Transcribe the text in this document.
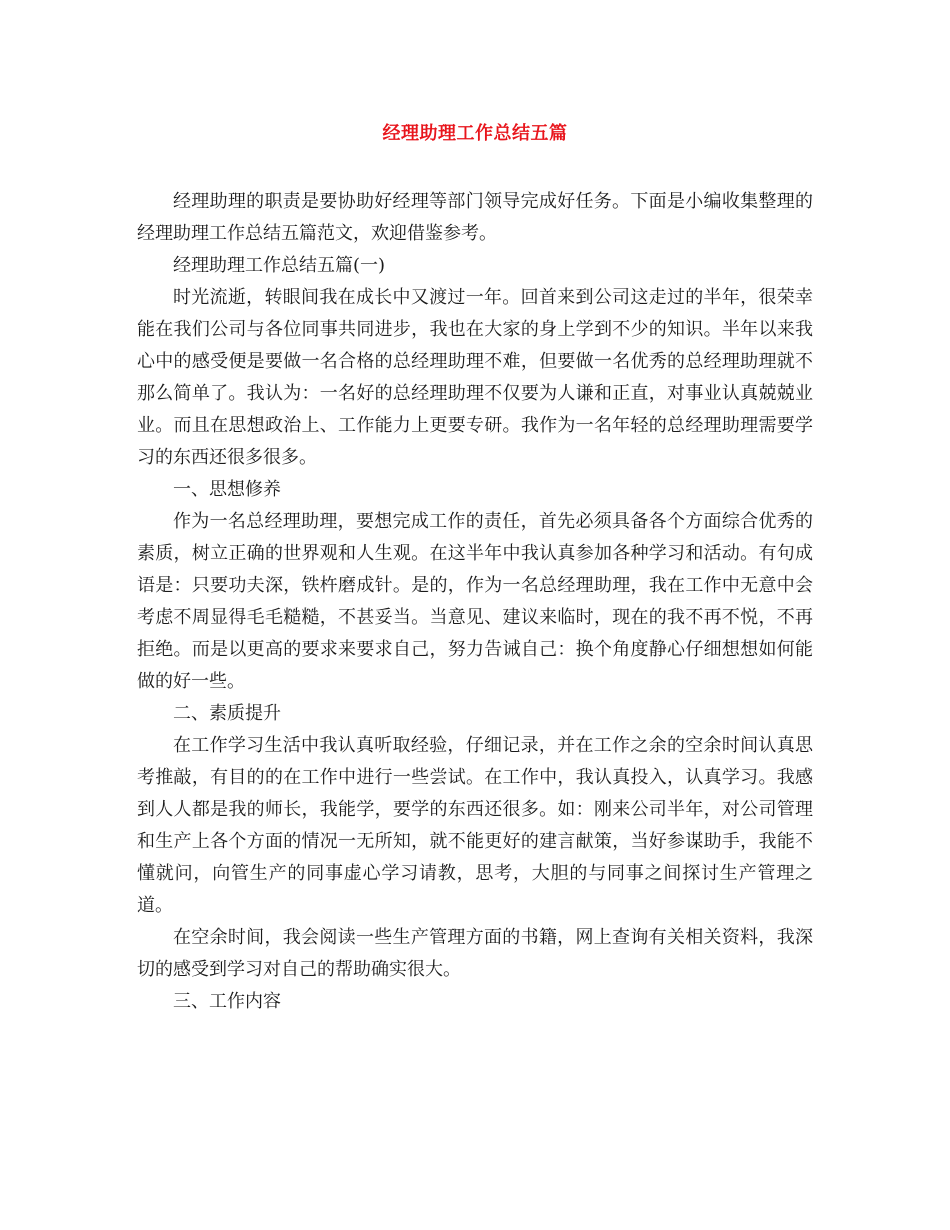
经理助理工作总结五篇

经理助理的职责是要协助好经理等部门领导完成好任务。下面是小编收集整理的经理助理工作总结五篇范文，欢迎借鉴参考。

经理助理工作总结五篇(一)

时光流逝，转眼间我在成长中又渡过一年。回首来到公司这走过的半年，很荣幸能在我们公司与各位同事共同进步，我也在大家的身上学到不少的知识。半年以来我心中的感受便是要做一名合格的总经理助理不难，但要做一名优秀的总经理助理就不那么简单了。我认为：一名好的总经理助理不仅要为人谦和正直，对事业认真兢兢业业。而且在思想政治上、工作能力上更要专研。我作为一名年轻的总经理助理需要学习的东西还很多很多。

一、思想修养

作为一名总经理助理，要想完成工作的责任，首先必须具备各个方面综合优秀的素质，树立正确的世界观和人生观。在这半年中我认真参加各种学习和活动。有句成语是：只要功夫深，铁杵磨成针。是的，作为一名总经理助理，我在工作中无意中会考虑不周显得毛毛糙糙，不甚妥当。当意见、建议来临时，现在的我不再不悦，不再拒绝。而是以更高的要求来要求自己，努力告诫自己：换个角度静心仔细想想如何能做的好一些。

二、素质提升

在工作学习生活中我认真听取经验，仔细记录，并在工作之余的空余时间认真思考推敲，有目的的在工作中进行一些尝试。在工作中，我认真投入，认真学习。我感到人人都是我的师长，我能学，要学的东西还很多。如：刚来公司半年，对公司管理和生产上各个方面的情况一无所知，就不能更好的建言献策，当好参谋助手，我能不懂就问，向管生产的同事虚心学习请教，思考，大胆的与同事之间探讨生产管理之道。

在空余时间，我会阅读一些生产管理方面的书籍，网上查询有关相关资料，我深切的感受到学习对自己的帮助确实很大。

三、工作内容
